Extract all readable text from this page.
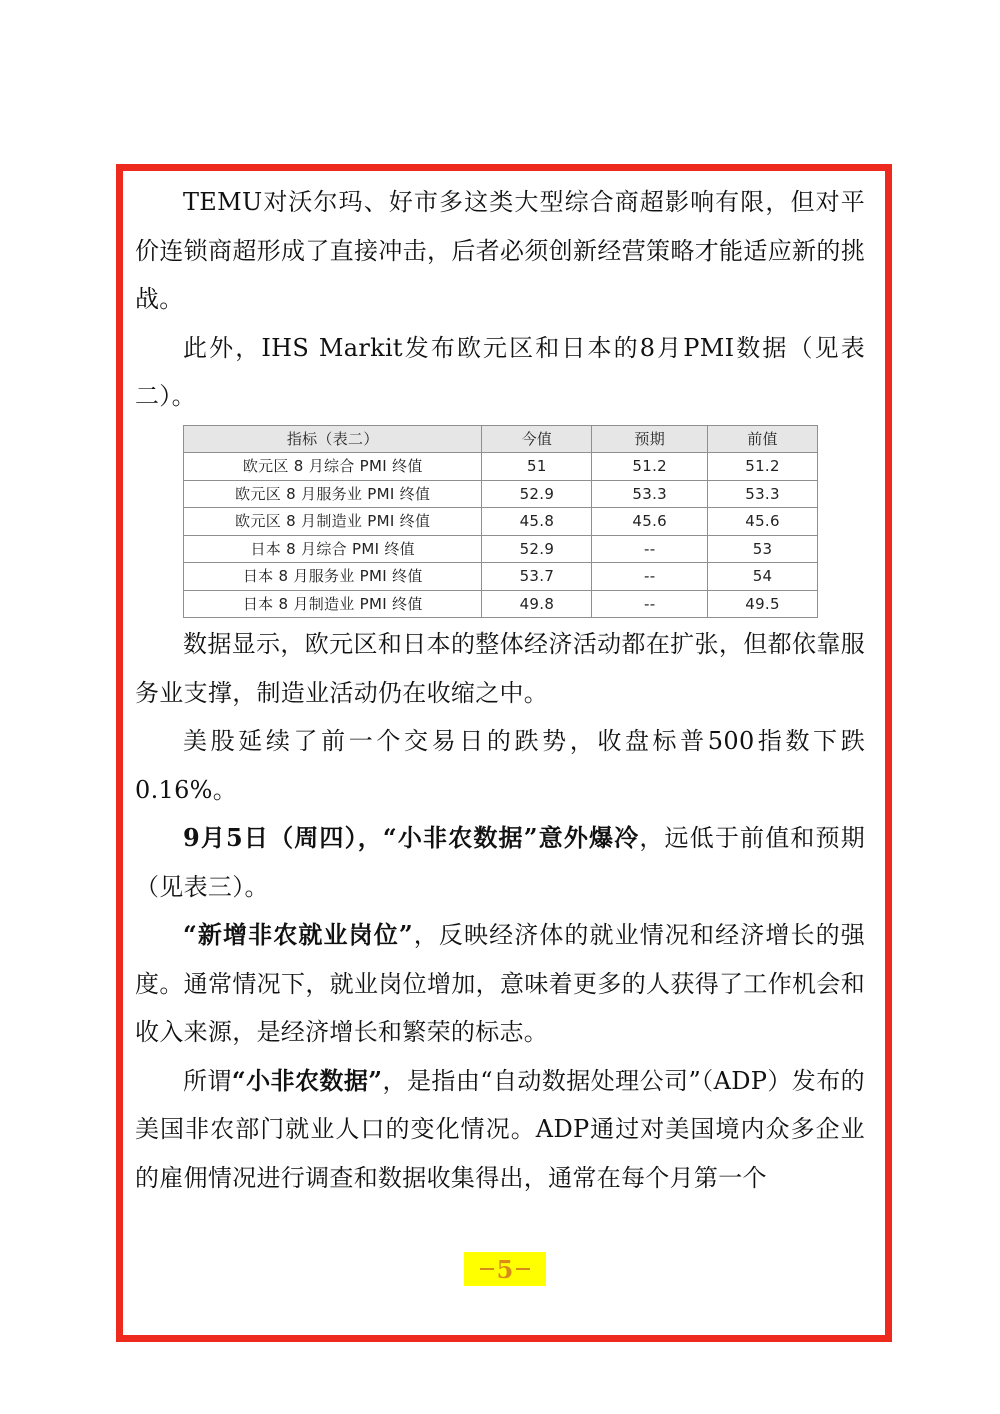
TEMU对沃尔玛、好市多这类大型综合商超影响有限，但对平价连锁商超形成了直接冲击，后者必须创新经营策略才能适应新的挑战。

此外，IHS Markit发布欧元区和日本的8月PMI数据（见表二）。

指标（表二）	今值	预期	前值
欧元区 8 月综合 PMI 终值	51	51.2	51.2
欧元区 8 月服务业 PMI 终值	52.9	53.3	53.3
欧元区 8 月制造业 PMI 终值	45.8	45.6	45.6
日本 8 月综合 PMI 终值	52.9	--	53
日本 8 月服务业 PMI 终值	53.7	--	54
日本 8 月制造业 PMI 终值	49.8	--	49.5

数据显示，欧元区和日本的整体经济活动都在扩张，但都依靠服务业支撑，制造业活动仍在收缩之中。

美股延续了前一个交易日的跌势，收盘标普500指数下跌0.16%。

9月5日（周四），“小非农数据”意外爆冷，远低于前值和预期（见表三）。

“新增非农就业岗位”，反映经济体的就业情况和经济增长的强度。通常情况下，就业岗位增加，意味着更多的人获得了工作机会和收入来源，是经济增长和繁荣的标志。

所谓“小非农数据”，是指由“自动数据处理公司”（ADP）发布的美国非农部门就业人口的变化情况。ADP通过对美国境内众多企业的雇佣情况进行调查和数据收集得出，通常在每个月第一个

5
